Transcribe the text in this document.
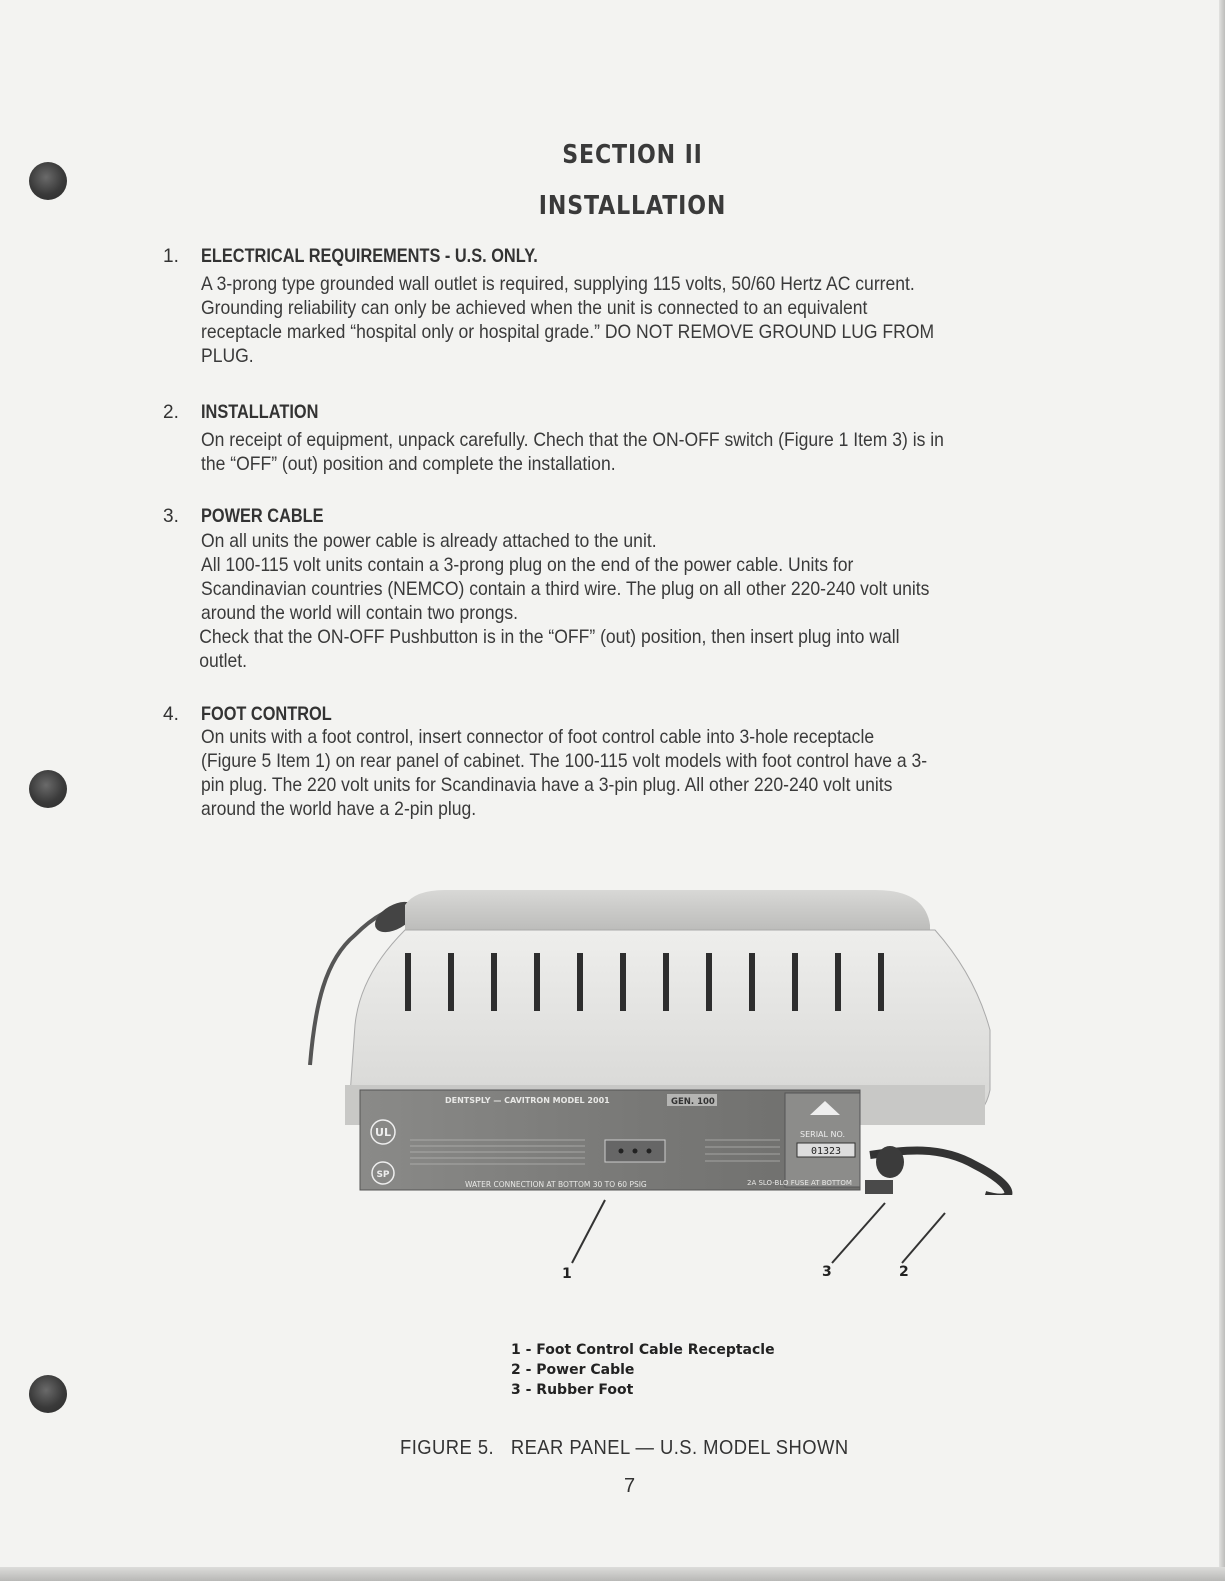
SECTION II
INSTALLATION
1. ELECTRICAL REQUIREMENTS - U.S. ONLY.

A 3-prong type grounded wall outlet is required, supplying 115 volts, 50/60 Hertz AC current.

Grounding reliability can only be achieved when the unit is connected to an equivalent

receptacle marked “hospital only or hospital grade.” DO NOT REMOVE GROUND LUG FROM

PLUG.

2. INSTALLATION

On receipt of equipment, unpack carefully. Chech that the ON-OFF switch (Figure 1 Item 3) is in

the “OFF” (out) position and complete the installation.

3. POWER CABLE

On all units the power cable is already attached to the unit.

All 100-115 volt units contain a 3-prong plug on the end of the power cable. Units for

Scandinavian countries (NEMCO) contain a third wire. The plug on all other 220-240 volt units

around the world will contain two prongs.

Check that the ON-OFF Pushbutton is in the “OFF” (out) position, then insert plug into wall

outlet.

4. FOOT CONTROL

On units with a foot control, insert connector of foot control cable into 3-hole receptacle

(Figure 5 Item 1) on rear panel of cabinet. The 100-115 volt models with foot control have a 3-

pin plug. The 220 volt units for Scandinavia have a 3-pin plug. All other 220-240 volt units

around the world have a 2-pin plug.

UL
SP
DENTSPLY — CAVITRON MODEL 2001	GEN. 100
WATER CONNECTION AT BOTTOM 30 TO 60 PSIG	2A SLO-BLO FUSE AT BOTTOM
SERIAL NO.
01323
1	3	2
1 - Foot Control Cable Receptacle
2 - Power Cable
3 - Rubber Foot
FIGURE 5.   REAR PANEL — U.S. MODEL SHOWN
7
